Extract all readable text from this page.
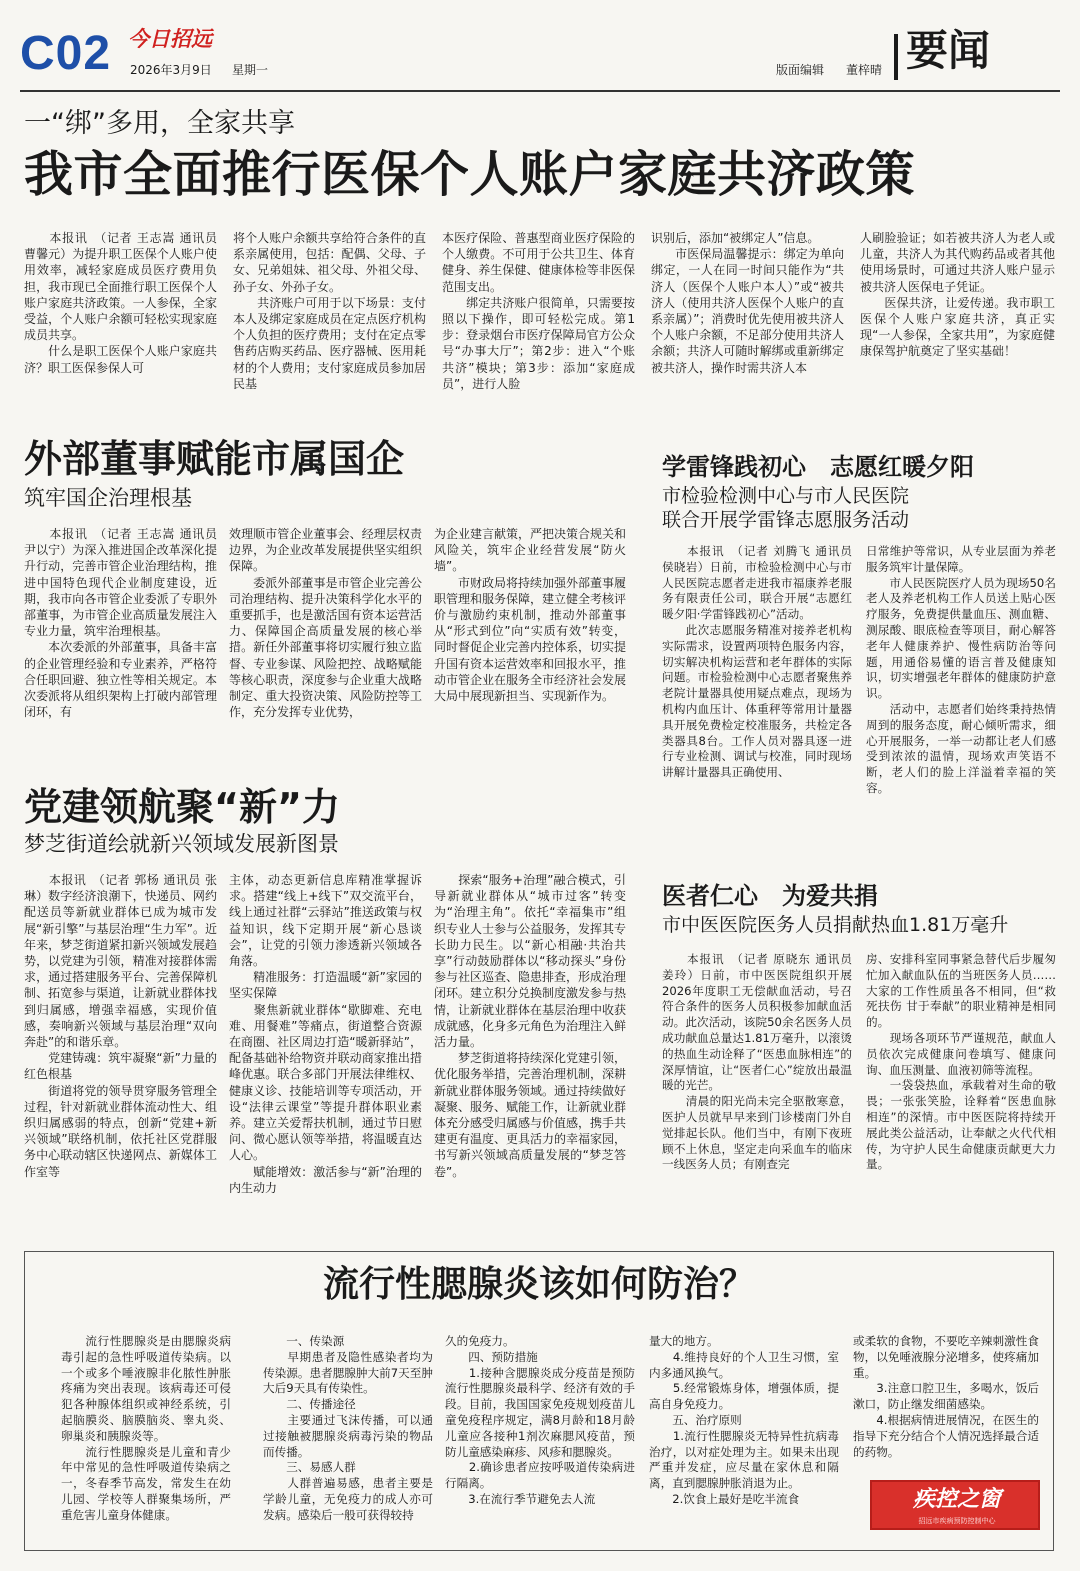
C02 今日招远
2026年3月9日 星期一	版面编辑 董梓晴 要闻
一“绑”多用，全家共享
我市全面推行医保个人账户家庭共济政策

　　本报讯　（记者 王志嵩 通讯员 曹馨元）为提升职工医保个人账户使用效率，减轻家庭成员医疗费用负担，我市现已全面推行职工医保个人账户家庭共济政策。一人参保，全家受益，个人账户余额可轻松实现家庭成员共享。
　　什么是职工医保个人账户家庭共济？职工医保参保人可

将个人账户余额共享给符合条件的直系亲属使用，包括：配偶、父母、子女、兄弟姐妹、祖父母、外祖父母、孙子女、外孙子女。
　　共济账户可用于以下场景：支付本人及绑定家庭成员在定点医疗机构个人负担的医疗费用；支付在定点零售药店购买药品、医疗器械、医用耗材的个人费用；支付家庭成员参加居民基

本医疗保险、普惠型商业医疗保险的个人缴费。不可用于公共卫生、体育健身、养生保健、健康体检等非医保范围支出。
　　绑定共济账户很简单，只需要按照以下操作，即可轻松完成。第1步：登录烟台市医疗保障局官方公众号“办事大厅”；第2步：进入“个账共济”模块；第3步：添加“家庭成员”，进行人脸

识别后，添加“被绑定人”信息。
　　市医保局温馨提示：绑定为单向绑定，一人在同一时间只能作为“共济人（医保个人账户本人）”或“被共济人（使用共济人医保个人账户的直系亲属）”；消费时优先使用被共济人个人账户余额，不足部分使用共济人余额；共济人可随时解绑或重新绑定被共济人，操作时需共济人本

人刷脸验证；如若被共济人为老人或儿童，共济人为其代购药品或者其他使用场景时，可通过共济人账户显示被共济人医保电子凭证。
　　医保共济，让爱传递。我市职工医保个人账户家庭共济，真正实现“一人参保，全家共用”，为家庭健康保驾护航奠定了坚实基础！

外部董事赋能市属国企
筑牢国企治理根基

　　本报讯　（记者 王志嵩 通讯员 尹以宁）为深入推进国企改革深化提升行动，完善市管企业治理结构，推进中国特色现代企业制度建设，近期，我市向各市管企业委派了专职外部董事，为市管企业高质量发展注入专业力量，筑牢治理根基。
　　本次委派的外部董事，具备丰富的企业管理经验和专业素养，严格符合任职回避、独立性等相关规定。本次委派将从组织架构上打破内部管理闭环，有

效理顺市管企业董事会、经理层权责边界，为企业改革发展提供坚实组织保障。
　　委派外部董事是市管企业完善公司治理结构、提升决策科学化水平的重要抓手，也是激活国有资本运营活力、保障国企高质量发展的核心举措。新任外部董事将切实履行独立监督、专业参谋、风险把控、战略赋能等核心职责，深度参与企业重大战略制定、重大投资决策、风险防控等工作，充分发挥专业优势，

为企业建言献策，严把决策合规关和风险关，筑牢企业经营发展“防火墙”。
　　市财政局将持续加强外部董事履职管理和服务保障，建立健全考核评价与激励约束机制，推动外部董事从“形式到位”向“实质有效”转变，同时督促企业完善内控体系，切实提升国有资本运营效率和回报水平，推动市管企业在服务全市经济社会发展大局中展现新担当、实现新作为。

学雷锋践初心　志愿红暖夕阳
市检验检测中心与市人民医院
联合开展学雷锋志愿服务活动

　　本报讯　（记者 刘腾飞 通讯员 侯晓岩）日前，市检验检测中心与市人民医院志愿者走进我市福康养老服务有限责任公司，联合开展“志愿红暖夕阳·学雷锋践初心”活动。
　　此次志愿服务精准对接养老机构实际需求，设置两项特色服务内容，切实解决机构运营和老年群体的实际问题。市检验检测中心志愿者聚焦养老院计量器具使用疑点难点，现场为机构内血压计、体重秤等常用计量器具开展免费检定校准服务，共检定各类器具8台。工作人员对器具逐一进行专业检测、调试与校准，同时现场讲解计量器具正确使用、

日常维护等常识，从专业层面为养老服务筑牢计量保障。
　　市人民医院医疗人员为现场50名老人及养老机构工作人员送上贴心医疗服务，免费提供量血压、测血糖、测尿酸、眼底检查等项目，耐心解答老年人健康养护、慢性病防治等问题，用通俗易懂的语言普及健康知识，切实增强老年群体的健康防护意识。
　　活动中，志愿者们始终秉持热情周到的服务态度，耐心倾听需求，细心开展服务，一举一动都让老人们感受到浓浓的温情，现场欢声笑语不断，老人们的脸上洋溢着幸福的笑容。

党建领航聚“新”力
梦芝街道绘就新兴领域发展新图景

　　本报讯　（记者 郭杨 通讯员 张琳）数字经济浪潮下，快递员、网约配送员等新就业群体已成为城市发展“新引擎”与基层治理“生力军”。近年来，梦芝街道紧扣新兴领域发展趋势，以党建为引领，精准对接群体需求，通过搭建服务平台、完善保障机制、拓宽参与渠道，让新就业群体找到归属感，增强幸福感，实现价值感，奏响新兴领域与基层治理“双向奔赴”的和谐乐章。
　　党建铸魂：筑牢凝聚“新”力量的红色根基
　　街道将党的领导贯穿服务管理全过程，针对新就业群体流动性大、组织归属感弱的特点，创新“党建+新兴领域”联络机制，依托社区党群服务中心联动辖区快递网点、新媒体工作室等

主体，动态更新信息库精准掌握诉求。搭建“线上+线下”双交流平台，线上通过社群“云驿站”推送政策与权益知识，线下定期开展“新心恳谈会”，让党的引领力渗透新兴领域各角落。
　　精准服务：打造温暖“新”家园的坚实保障
　　聚焦新就业群体“歇脚难、充电难、用餐难”等痛点，街道整合资源在商圈、社区周边打造“暖新驿站”，配备基础补给物资并联动商家推出措峰优惠。联合多部门开展法律维权、健康义诊、技能培训等专项活动，开设“法律云课堂”等提升群体职业素养。建立关爱帮扶机制，通过节日慰问、微心愿认领等举措，将温暖直达人心。
　　赋能增效：激活参与“新”治理的内生动力

　　探索“服务+治理”融合模式，引导新就业群体从“城市过客”转变为“治理主角”。依托“幸福集市”组织专业人士参与公益服务，发挥其专长助力民生。以“新心相融·共治共享”行动鼓励群体以“移动探头”身份参与社区巡查、隐患排查，形成治理闭环。建立积分兑换制度激发参与热情，让新就业群体在基层治理中收获成就感，化身多元角色为治理注入鲜活力量。
　　梦芝街道将持续深化党建引领，优化服务举措，完善治理机制，深耕新就业群体服务领域。通过持续做好凝聚、服务、赋能工作，让新就业群体充分感受归属感与价值感，携手共建更有温度、更具活力的幸福家园，书写新兴领域高质量发展的“梦芝答卷”。

医者仁心　为爱共捐
市中医医院医务人员捐献热血1.81万毫升

　　本报讯　（记者 原晓东 通讯员 姜玲）日前，市中医医院组织开展2026年度职工无偿献血活动，号召符合条件的医务人员积极参加献血活动。此次活动，该院50余名医务人员成功献血总量达1.81万毫升，以滚烫的热血生动诠释了“医患血脉相连”的深厚情谊，让“医者仁心”绽放出最温暖的光芒。
　　清晨的阳光尚未完全驱散寒意，医护人员就早早来到门诊楼南门外自觉排起长队。他们当中，有刚下夜班顾不上休息，坚定走向采血车的临床一线医务人员；有刚查完

房、安排科室同事紧急替代后步履匆忙加入献血队伍的当班医务人员……大家的工作性质虽各不相同，但“救死扶伤 甘于奉献”的职业精神是相同的。
　　现场各项环节严谨规范，献血人员依次完成健康问卷填写、健康问询、血压测量、血液初筛等流程。
　　一袋袋热血，承载着对生命的敬畏；一张张笑脸，诠释着“医患血脉相连”的深情。市中医医院将持续开展此类公益活动，让奉献之火代代相传，为守护人民生命健康贡献更大力量。

流行性腮腺炎该如何防治？

　　流行性腮腺炎是由腮腺炎病毒引起的急性呼吸道传染病。以一个或多个唾液腺非化脓性肿胀疼痛为突出表现。该病毒还可侵犯各种腺体组织或神经系统，引起脑膜炎、脑膜脑炎、睾丸炎、卵巢炎和胰腺炎等。
　　流行性腮腺炎是儿童和青少年中常见的急性呼吸道传染病之一，冬春季节高发，常发生在幼儿园、学校等人群聚集场所，严重危害儿童身体健康。

　　一、传染源
　　早期患者及隐性感染者均为传染源。患者腮腺肿大前7天至肿大后9天具有传染性。
　　二、传播途径
　　主要通过飞沫传播，可以通过接触被腮腺炎病毒污染的物品而传播。
　　三、易感人群
　　人群普遍易感，患者主要是学龄儿童，无免疫力的成人亦可发病。感染后一般可获得较持

久的免疫力。
　　四、预防措施
　　1.接种含腮腺炎成分疫苗是预防流行性腮腺炎最科学、经济有效的手段。目前，我国国家免疫规划疫苗儿童免疫程序规定，满8月龄和18月龄儿童应各接种1剂次麻腮风疫苗，预防儿童感染麻疹、风疹和腮腺炎。
　　2.确诊患者应按呼吸道传染病进行隔离。
　　3.在流行季节避免去人流

量大的地方。
　　4.维持良好的个人卫生习惯，室内多通风换气。
　　5.经常锻炼身体，增强体质，提高自身免疫力。
　　五、治疗原则
　　1.流行性腮腺炎无特异性抗病毒治疗，以对症处理为主。如果未出现严重并发症，应尽量在家休息和隔离，直到腮腺肿胀消退为止。
　　2.饮食上最好是吃半流食

或柔软的食物，不要吃辛辣刺激性食物，以免唾液腺分泌增多，使疼痛加重。
　　3.注意口腔卫生，多喝水，饭后漱口，防止继发细菌感染。
　　4.根据病情进展情况，在医生的指导下充分结合个人情况选择最合适的药物。

疾控之窗
招远市疾病预防控制中心
